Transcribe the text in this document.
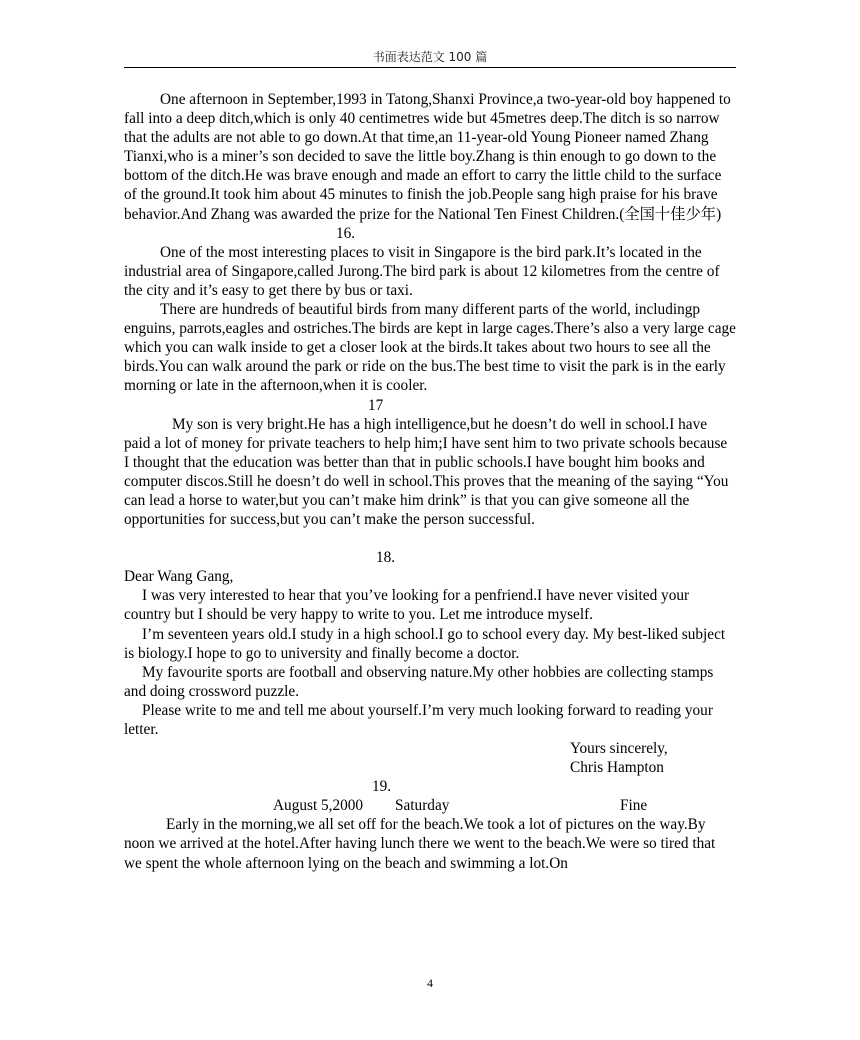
书面表达范文 100 篇

One afternoon in September,1993 in Tatong,Shanxi Province,a two-year-old boy happened to fall into a deep ditch,which is only 40 centimetres wide but 45metres deep.The ditch is so narrow that the adults are not able to go down.At that time,an 11-year-old Young Pioneer named Zhang Tianxi,who is a miner’s son decided to save the little boy.Zhang is thin enough to go down to the bottom of the ditch.He was brave enough and made an effort to carry the little child to the surface of the ground.It took him about 45 minutes to finish the job.People sang high praise for his brave behavior.And Zhang was awarded the prize for the National Ten Finest Children.(全国十佳少年)

16.

One of the most interesting places to visit in Singapore is the bird park.It’s located in the industrial area of Singapore,called Jurong.The bird park is about 12 kilometres from the centre of the city and it’s easy to get there by bus or taxi.

There are hundreds of beautiful birds from many different parts of the world, includingp enguins, parrots,eagles and ostriches.The birds are kept in large cages.There’s also a very large cage which you can walk inside to get a closer look at the birds.It takes about two hours to see all the birds.You can walk around the park or ride on the bus.The best time to visit the park is in the early morning or late in the afternoon,when it is cooler.

17

My son is very bright.He has a high intelligence,but he doesn’t do well in school.I have paid a lot of money for private teachers to help him;I have sent him to two private schools because I thought that the education was better than that in public schools.I have bought him books and computer discos.Still he doesn’t do well in school.This proves that the meaning of the saying “You can lead a horse to water,but you can’t make him drink” is that you can give someone all the opportunities for success,but you can’t make the person successful.

18.

Dear Wang Gang,

I was very interested to hear that you’ve looking for a penfriend.I have never visited your country but I should be very happy to write to you. Let me introduce myself.

I’m seventeen years old.I study in a high school.I go to school every day. My best-liked subject is biology.I hope to go to university and finally become a doctor.

My favourite sports are football and observing nature.My other hobbies are collecting stamps and doing crossword puzzle.

Please write to me and tell me about yourself.I’m very much looking forward to reading your letter.

Yours sincerely,

Chris Hampton

19.
August 5,2000 Saturday	Fine

Early in the morning,we all set off for the beach.We took a lot of pictures on the way.By noon we arrived at the hotel.After having lunch there we went to the beach.We were so tired that we spent the whole afternoon lying on the beach and swimming a lot.On

4
